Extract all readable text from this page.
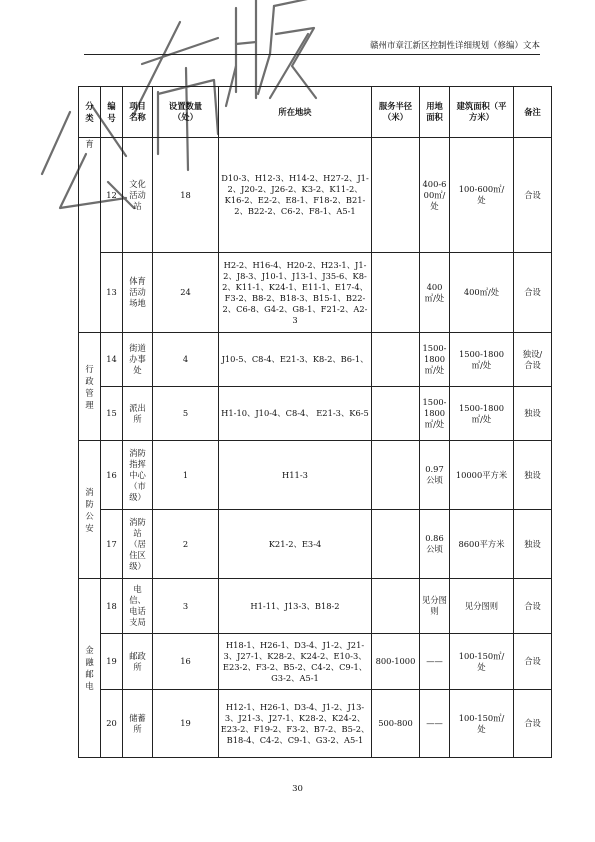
赣州市章江新区控制性详细规划（修编）文本
分类	编号	项目名称	设置数量（处）	所在地块	服务半径（米）	用地面积	建筑面积（平方米）	备注
育	12	文化活动站	18	D10-3、H12-3、H14-2、H27-2、J1-2、J20-2、J26-2、K3-2、K11-2、K16-2、E2-2、E8-1、F18-2、B21-2、B22-2、C6-2、F8-1、A5-1		400-600㎡/处	100-600㎡/处	合设
	13	体育活动场地	24	H2-2、H16-4、H20-2、H23-1、J1-2、J8-3、J10-1、J13-1、J35-6、K8-2、K11-1、K24-1、E11-1、E17-4、F3-2、B8-2、B18-3、B15-1、B22-2、C6-8、G4-2、G8-1、F21-2、A2-3		400㎡/处	400㎡/处	合设
行政管理	14	街道办事处	4	J10-5、C8-4、E21-3、K8-2、B6-1、		1500-1800㎡/处	1500-1800㎡/处	独设/合设
	15	派出所	5	H1-10、J10-4、C8-4、 E21-3、K6-5		1500-1800㎡/处	1500-1800㎡/处	独设
消防公安	16	消防指挥中心（市级）	1	H11-3		0.97公顷	10000平方米	独设
	17	消防站（居住区级）	2	K21-2、E3-4		0.86公顷	8600平方米	独设
金融邮电	18	电信、电话支局	3	H1-11、J13-3、B18-2		见分图则	见分图则	合设
	19	邮政所	16	H18-1、H26-1、D3-4、J1-2、J21-3、J27-1、K28-2、K24-2、E10-3、E23-2、F3-2、B5-2、C4-2、C9-1、G3-2、A5-1	800-1000	——	100-150㎡/处	合设
	20	储蓄所	19	H12-1、H26-1、D3-4、J1-2、J13-3、J21-3、J27-1、K28-2、K24-2、E23-2、F19-2、F3-2、B7-2、B5-2、B18-4、C4-2、C9-1、G3-2、A5-1	500-800	——	100-150㎡/处	合设
30
